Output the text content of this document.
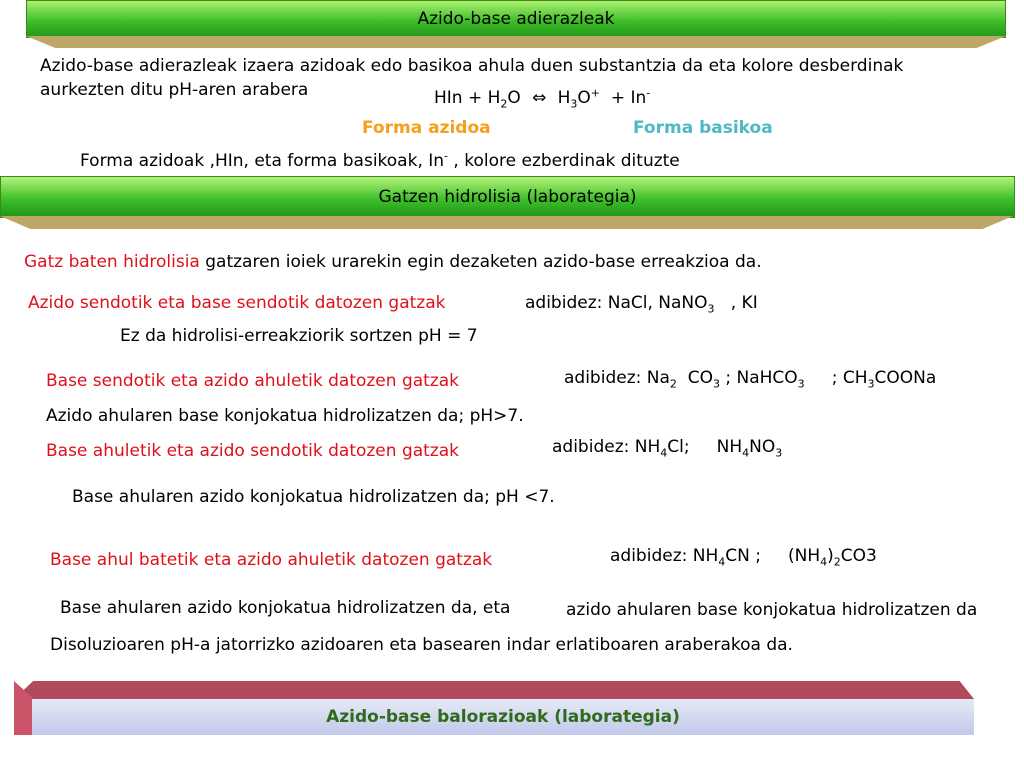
Azido-base adierazleak
Azido-base adierazleak izaera azidoak edo basikoa ahula duen substantzia da eta kolore desberdinak
aurkezten ditu pH-aren arabera	HIn + $H_2O$ ⇔ $H_3O^+ + In^-$
Forma azidoa	Forma basikoa
Forma azidoak ,HIn, eta forma basikoak, In- , kolore ezberdinak dituzte
Gatzen hidrolisia (laborategia)
Gatz baten hidrolisia gatzaren ioiek urarekin egin dezaketen azido-base erreakzioa da.
Azido sendotik eta base sendotik datozen gatzak	adibidez: NaCl, NaNO$_3$   , KI
Ez da hidrolisi-erreakziorik sortzen pH = 7
Base sendotik eta azido ahuletik datozen gatzak	adibidez: $Na_2$  $CO_3$ ; NaHCO$_3$     ; $CH_3COONa$
Azido ahularen base konjokatua hidrolizatzen da; pH>7.
Base ahuletik eta azido sendotik datozen gatzak	adibidez: $NH_4Cl$;     $NH_4NO_3$
Base ahularen azido konjokatua hidrolizatzen da; pH <7.
Base ahul batetik eta azido ahuletik datozen gatzak	adibidez: $NH_4CN$ ;     $(NH_4)_2CO3$
Base ahularen azido konjokatua hidrolizatzen da, eta	azido ahularen base konjokatua hidrolizatzen da
Disoluzioaren pH-a jatorrizko azidoaren eta basearen indar erlatiboaren araberakoa da.
Azido-base balorazioak (laborategia)
